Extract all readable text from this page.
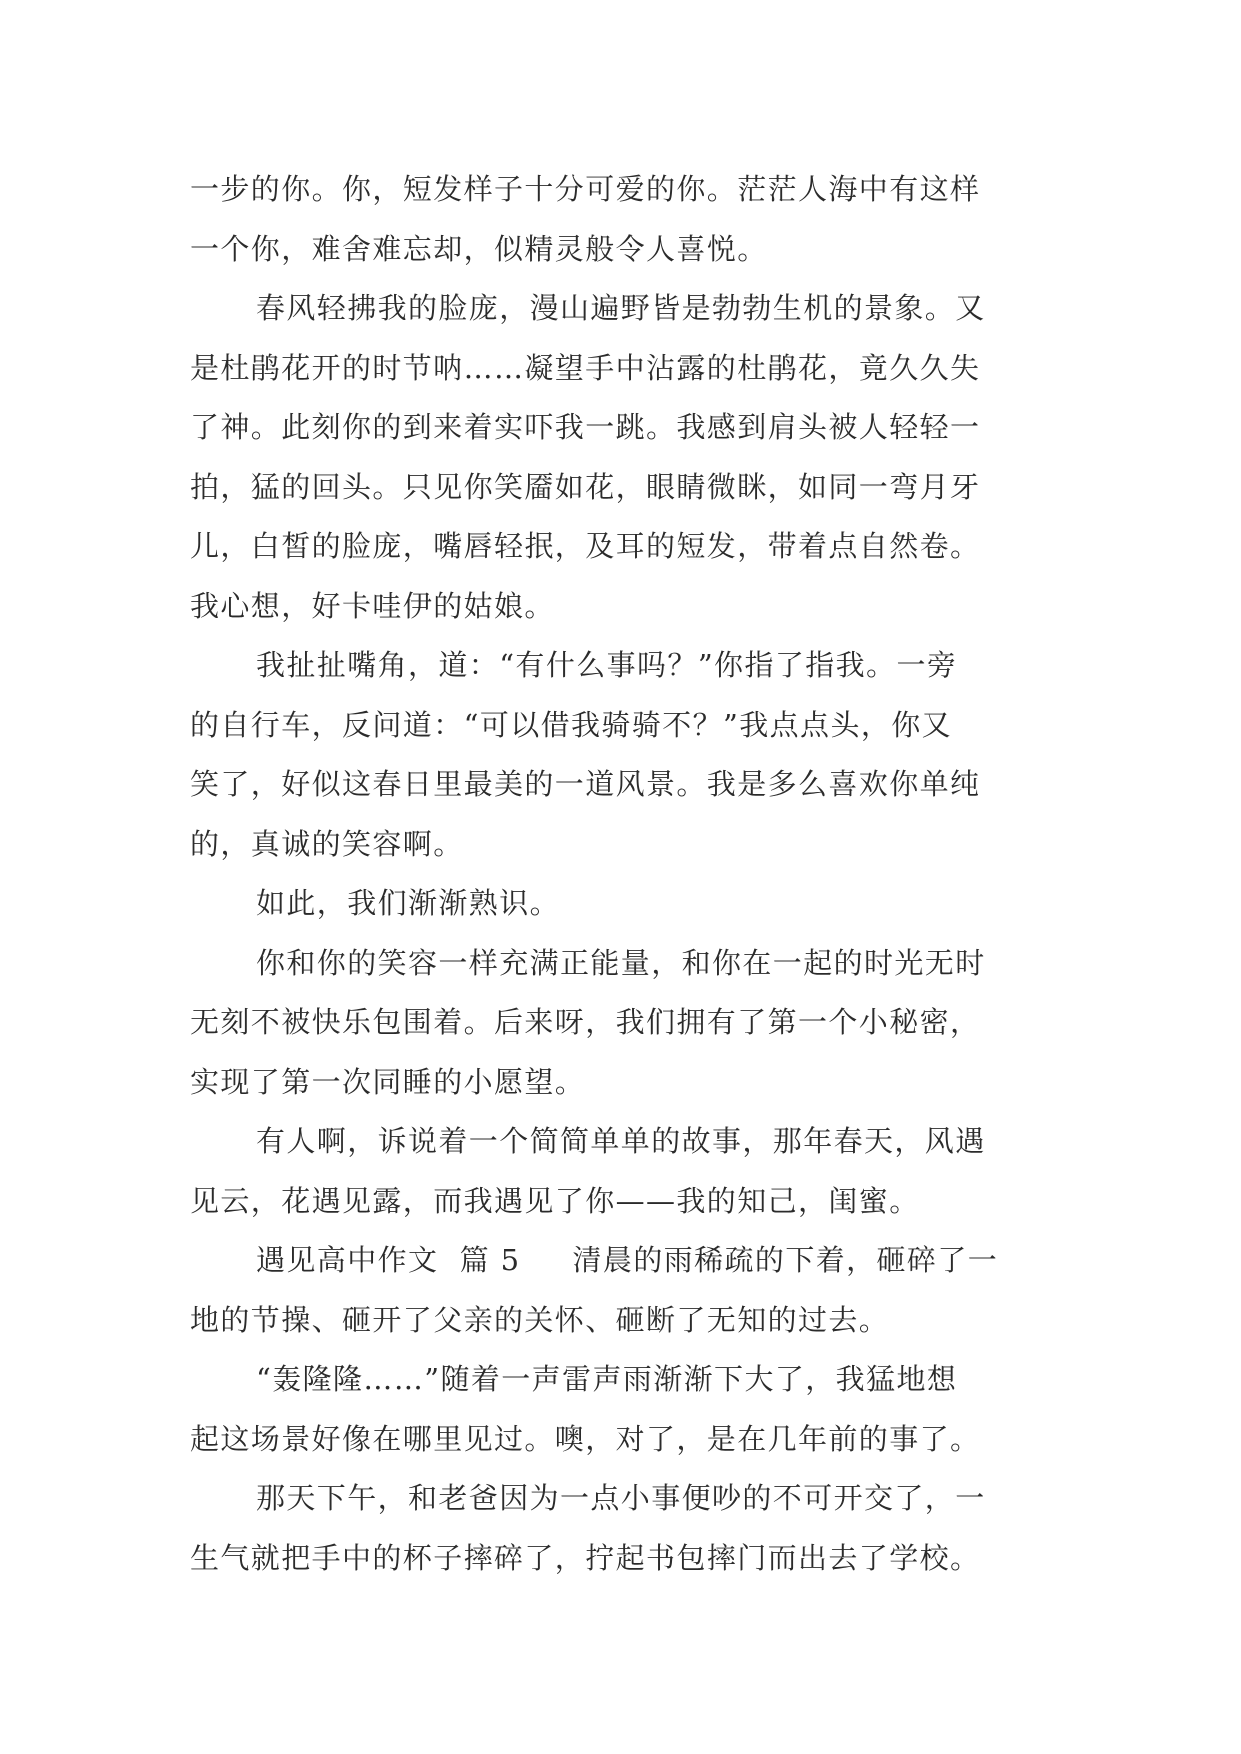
一步的你。你，短发样子十分可爱的你。茫茫人海中有这样
一个你，难舍难忘却，似精灵般令人喜悦。
春风轻拂我的脸庞，漫山遍野皆是勃勃生机的景象。又
是杜鹃花开的时节呐……凝望手中沾露的杜鹃花，竟久久失
了神。此刻你的到来着实吓我一跳。我感到肩头被人轻轻一
拍，猛的回头。只见你笑靥如花，眼睛微眯，如同一弯月牙
儿，白皙的脸庞，嘴唇轻抿，及耳的短发，带着点自然卷。
我心想，好卡哇伊的姑娘。
我扯扯嘴角，道：“有什么事吗？”你指了指我。一旁
的自行车，反问道：“可以借我骑骑不？”我点点头，你又
笑了，好似这春日里最美的一道风景。我是多么喜欢你单纯
的，真诚的笑容啊。
如此，我们渐渐熟识。
你和你的笑容一样充满正能量，和你在一起的时光无时
无刻不被快乐包围着。后来呀，我们拥有了第一个小秘密，
实现了第一次同睡的小愿望。
有人啊，诉说着一个简简单单的故事，那年春天，风遇
见云，花遇见露，而我遇见了你——我的知己，闺蜜。
遇见高中作文  篇 5 清晨的雨稀疏的下着，砸碎了一
地的节操、砸开了父亲的关怀、砸断了无知的过去。
“轰隆隆……”随着一声雷声雨渐渐下大了，我猛地想
起这场景好像在哪里见过。噢，对了，是在几年前的事了。
那天下午，和老爸因为一点小事便吵的不可开交了，一
生气就把手中的杯子摔碎了，拧起书包摔门而出去了学校。
